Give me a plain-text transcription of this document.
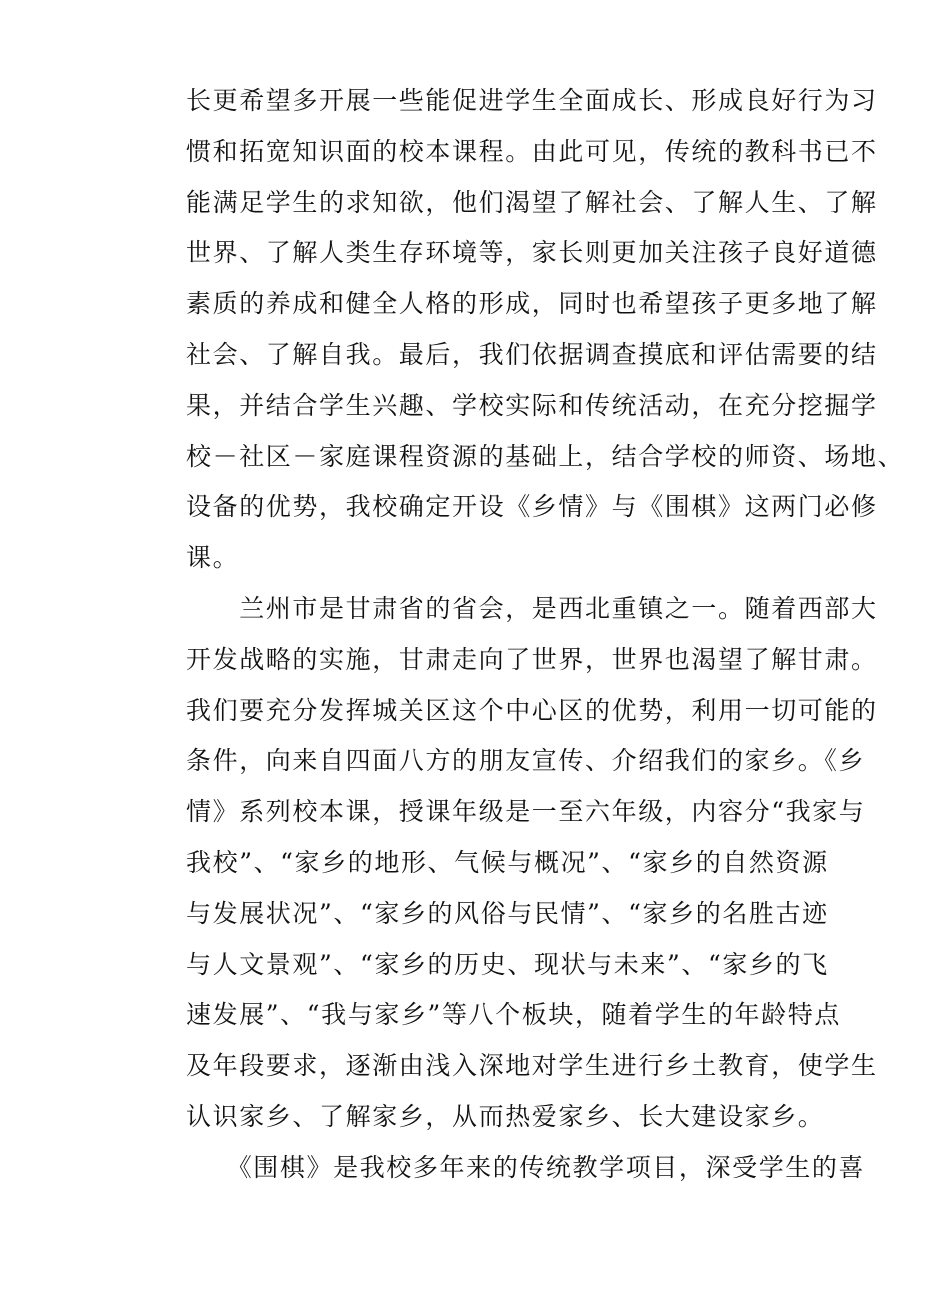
长更希望多开展一些能促进学生全面成长、形成良好行为习
惯和拓宽知识面的校本课程。由此可见，传统的教科书已不
能满足学生的求知欲，他们渴望了解社会、了解人生、了解
世界、了解人类生存环境等，家长则更加关注孩子良好道德
素质的养成和健全人格的形成，同时也希望孩子更多地了解
社会、了解自我。最后，我们依据调查摸底和评估需要的结
果，并结合学生兴趣、学校实际和传统活动，在充分挖掘学
校－社区－家庭课程资源的基础上，结合学校的师资、场地、
设备的优势，我校确定开设《乡情》与《围棋》这两门必修
课。
　　兰州市是甘肃省的省会，是西北重镇之一。随着西部大
开发战略的实施，甘肃走向了世界，世界也渴望了解甘肃。
我们要充分发挥城关区这个中心区的优势，利用一切可能的
条件，向来自四面八方的朋友宣传、介绍我们的家乡。《乡
情》系列校本课，授课年级是一至六年级，内容分“我家与
我校”、“家乡的地形、气候与概况”、“家乡的自然资源
与发展状况”、“家乡的风俗与民情”、“家乡的名胜古迹
与人文景观”、“家乡的历史、现状与未来”、“家乡的飞
速发展”、“我与家乡”等八个板块，随着学生的年龄特点
及年段要求，逐渐由浅入深地对学生进行乡土教育，使学生
认识家乡、了解家乡，从而热爱家乡、长大建设家乡。
　　《围棋》是我校多年来的传统教学项目，深受学生的喜
